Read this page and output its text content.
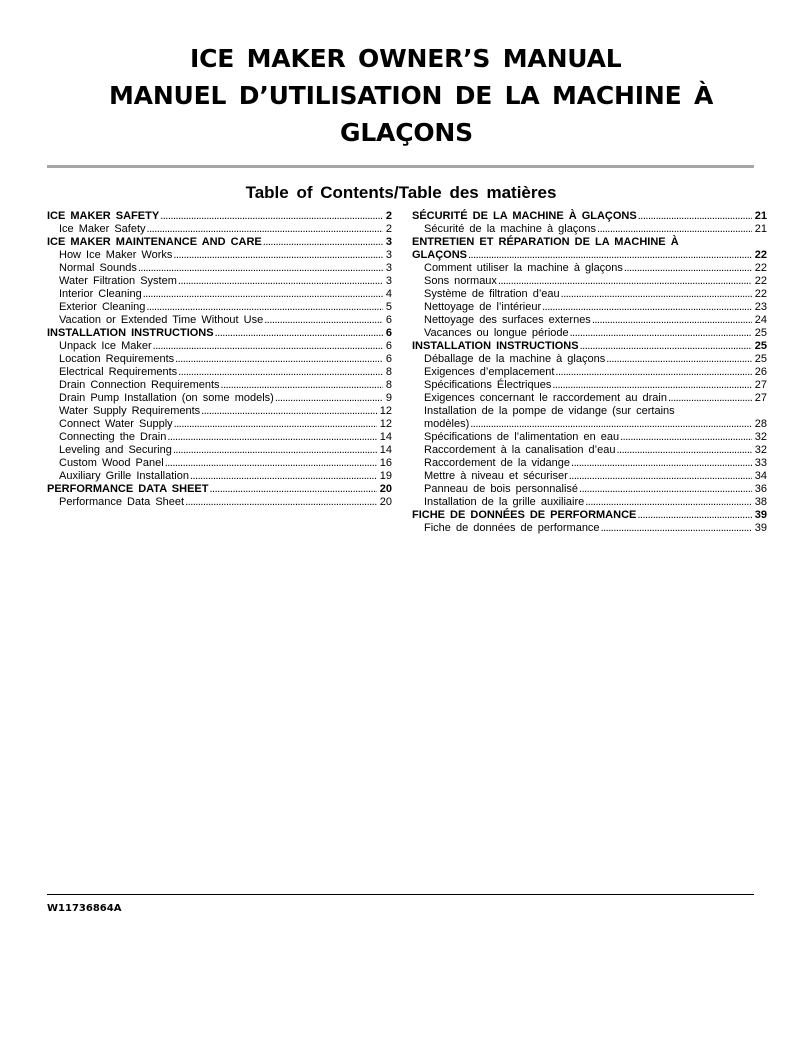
ICE MAKER OWNER’S MANUAL
MANUEL D’UTILISATION DE LA MACHINE À
GLAÇONS
Table of Contents/Table des matières
ICE MAKER SAFETY .....	2
Ice Maker Safety .....	2
ICE MAKER MAINTENANCE AND CARE .....	3
How Ice Maker Works .....	3
Normal Sounds .....	3
Water Filtration System .....	3
Interior Cleaning .....	4
Exterior Cleaning .....	5
Vacation or Extended Time Without Use .....	6
INSTALLATION INSTRUCTIONS .....	6
Unpack Ice Maker .....	6
Location Requirements .....	6
Electrical Requirements .....	8
Drain Connection Requirements .....	8
Drain Pump Installation (on some models) .....	9
Water Supply Requirements .....	12
Connect Water Supply .....	12
Connecting the Drain .....	14
Leveling and Securing .....	14
Custom Wood Panel .....	16
Auxiliary Grille Installation .....	19
PERFORMANCE DATA SHEET .....	20
Performance Data Sheet .....	20
SÉCURITÉ DE LA MACHINE À GLAÇONS .....	21
Sécurité de la machine à glaçons .....	21
ENTRETIEN ET RÉPARATION DE LA MACHINE À
GLAÇONS .....	22
Comment utiliser la machine à glaçons .....	22
Sons normaux .....	22
Système de filtration d’eau .....	22
Nettoyage de l’intérieur .....	23
Nettoyage des surfaces externes .....	24
Vacances ou longue période .....	25
INSTALLATION INSTRUCTIONS .....	25
Déballage de la machine à glaçons .....	25
Exigences d’emplacement .....	26
Spécifications Électriques .....	27
Exigences concernant le raccordement au drain .....	27
Installation de la pompe de vidange (sur certains
modèles) .....	28
Spécifications de l’alimentation en eau .....	32
Raccordement à la canalisation d’eau .....	32
Raccordement de la vidange .....	33
Mettre à niveau et sécuriser .....	34
Panneau de bois personnalisé .....	36
Installation de la grille auxiliaire .....	38
FICHE DE DONNÉES DE PERFORMANCE .....	39
Fiche de données de performance .....	39
W11736864A
